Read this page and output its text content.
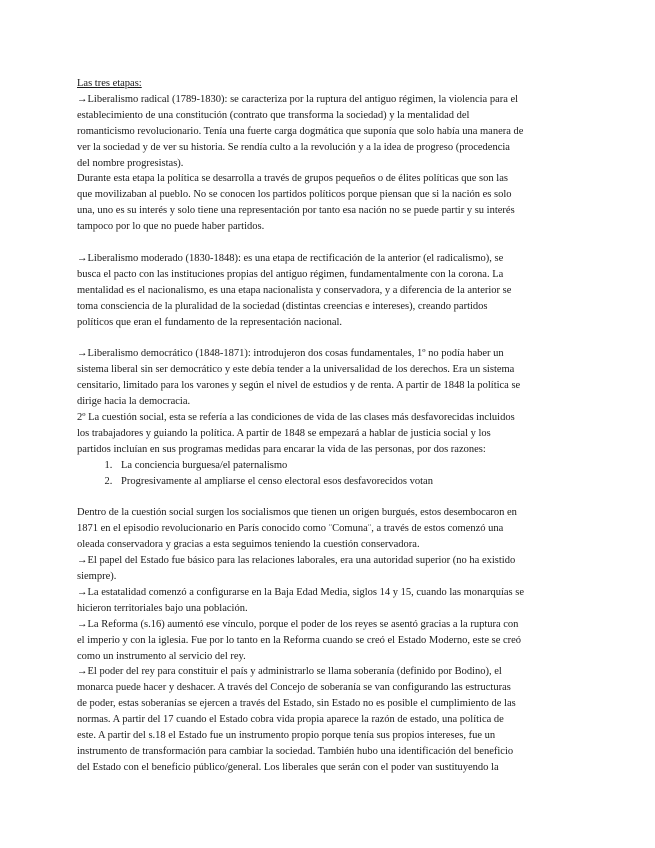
Las tres etapas:

→Liberalismo radical (1789-1830): se caracteriza por la ruptura del antiguo régimen, la violencia para el
establecimiento de una constitución (contrato que transforma la sociedad) y la mentalidad del
romanticismo revolucionario. Tenía una fuerte carga dogmática que suponía que solo había una manera de
ver la sociedad y de ver su historia. Se rendía culto a la revolución y a la idea de progreso (procedencia
del nombre progresistas).

Durante esta etapa la política se desarrolla a través de grupos pequeños o de élites políticas que son las
que movilizaban al pueblo. No se conocen los partidos políticos porque piensan que si la nación es solo
una, uno es su interés y solo tiene una representación por tanto esa nación no se puede partir y su interés
tampoco por lo que no puede haber partidos.

→Liberalismo moderado (1830-1848): es una etapa de rectificación de la anterior (el radicalismo), se
busca el pacto con las instituciones propias del antiguo régimen, fundamentalmente con la corona. La
mentalidad es el nacionalismo, es una etapa nacionalista y conservadora, y a diferencia de la anterior se
toma consciencia de la pluralidad de la sociedad (distintas creencias e intereses), creando partidos
políticos que eran el fundamento de la representación nacional.

→Liberalismo democrático (1848-1871): introdujeron dos cosas fundamentales, 1º no podía haber un
sistema liberal sin ser democrático y este debía tender a la universalidad de los derechos. Era un sistema
censitario, limitado para los varones y según el nivel de estudios y de renta. A partir de 1848 la política se
dirige hacia la democracia.

2º La cuestión social, esta se refería a las condiciones de vida de las clases más desfavorecidas incluidos
los trabajadores y guiando la política. A partir de 1848 se empezará a hablar de justicia social y los
partidos incluían en sus programas medidas para encarar la vida de las personas, por dos razones:

1. La conciencia burguesa/el paternalismo
2. Progresivamente al ampliarse el censo electoral esos desfavorecidos votan

Dentro de la cuestión social surgen los socialismos que tienen un origen burgués, estos desembocaron en
1871 en el episodio revolucionario en París conocido como ¨Comuna¨, a través de estos comenzó una
oleada conservadora y gracias a esta seguimos teniendo la cuestión conservadora.

→El papel del Estado fue básico para las relaciones laborales, era una autoridad superior (no ha existido
siempre).

→La estatalidad comenzó a configurarse en la Baja Edad Media, siglos 14 y 15, cuando las monarquías se
hicieron territoriales bajo una población.

→La Reforma (s.16) aumentó ese vínculo, porque el poder de los reyes se asentó gracias a la ruptura con
el imperio y con la iglesia. Fue por lo tanto en la Reforma cuando se creó el Estado Moderno, este se creó
como un instrumento al servicio del rey.

→El poder del rey para constituir el país y administrarlo se llama soberanía (definido por Bodino), el
monarca puede hacer y deshacer. A través del Concejo de soberanía se van configurando las estructuras
de poder, estas soberanías se ejercen a través del Estado, sin Estado no es posible el cumplimiento de las
normas. A partir del 17 cuando el Estado cobra vida propia aparece la razón de estado, una política de
este. A partir del s.18 el Estado fue un instrumento propio porque tenía sus propios intereses, fue un
instrumento de transformación para cambiar la sociedad. También hubo una identificación del beneficio
del Estado con el beneficio público/general. Los liberales que serán con el poder van sustituyendo la
